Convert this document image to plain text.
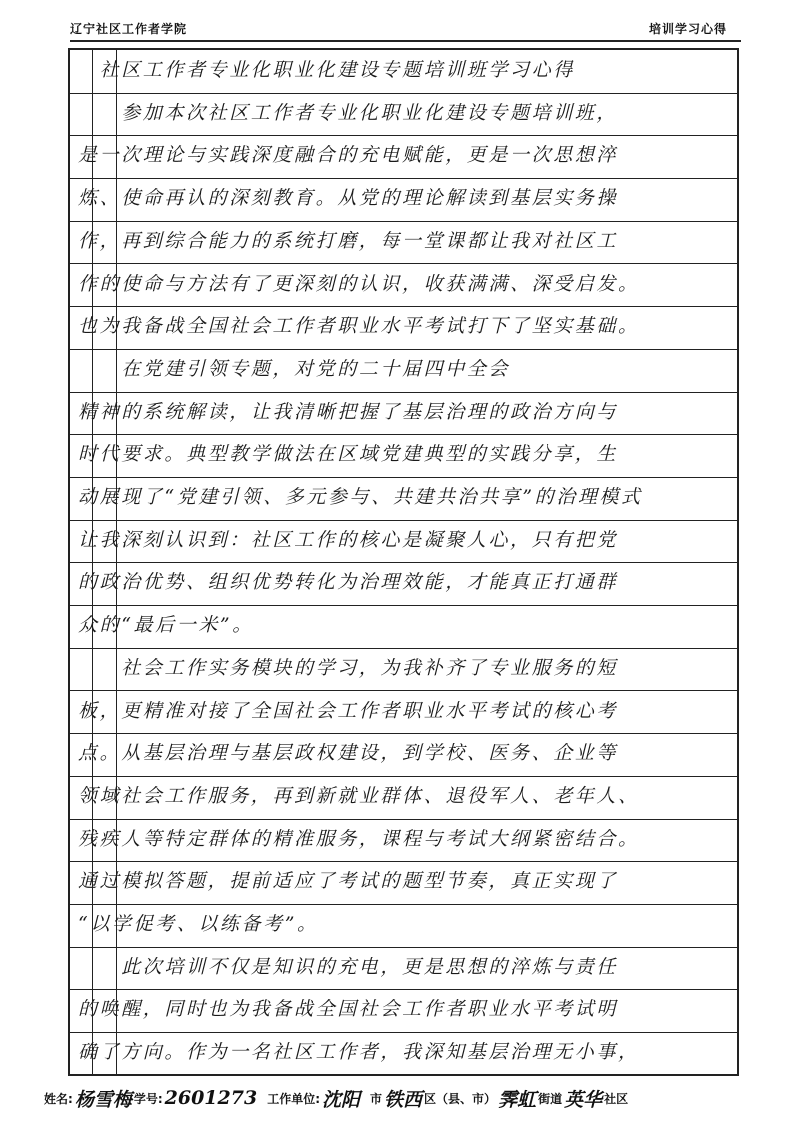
辽宁社区工作者学院	培训学习心得
　社区工作者专业化职业化建设专题培训班学习心得
　　参加本次社区工作者专业化职业化建设专题培训班，
是一次理论与实践深度融合的充电赋能，更是一次思想淬
炼、使命再认的深刻教育。从党的理论解读到基层实务操
作，再到综合能力的系统打磨，每一堂课都让我对社区工
作的使命与方法有了更深刻的认识，收获满满、深受启发。
也为我备战全国社会工作者职业水平考试打下了坚实基础。
　　在党建引领专题，对党的二十届四中全会
精神的系统解读，让我清晰把握了基层治理的政治方向与
时代要求。典型教学做法在区域党建典型的实践分享，生
动展现了“党建引领、多元参与、共建共治共享”的治理模式
让我深刻认识到：社区工作的核心是凝聚人心，只有把党
的政治优势、组织优势转化为治理效能，才能真正打通群
众的“最后一米”。
　　社会工作实务模块的学习，为我补齐了专业服务的短
板，更精准对接了全国社会工作者职业水平考试的核心考
点。从基层治理与基层政权建设，到学校、医务、企业等
领域社会工作服务，再到新就业群体、退役军人、老年人、
残疾人等特定群体的精准服务，课程与考试大纲紧密结合。
通过模拟答题，提前适应了考试的题型节奏，真正实现了
“以学促考、以练备考”。
　　此次培训不仅是知识的充电，更是思想的淬炼与责任
的唤醒，同时也为我备战全国社会工作者职业水平考试明
确了方向。作为一名社区工作者，我深知基层治理无小事，
姓名: 杨雪梅 学号: 2601273 工作单位: 沈阳 市 铁西 区（县、市） 霁虹 街道 英华 社区
